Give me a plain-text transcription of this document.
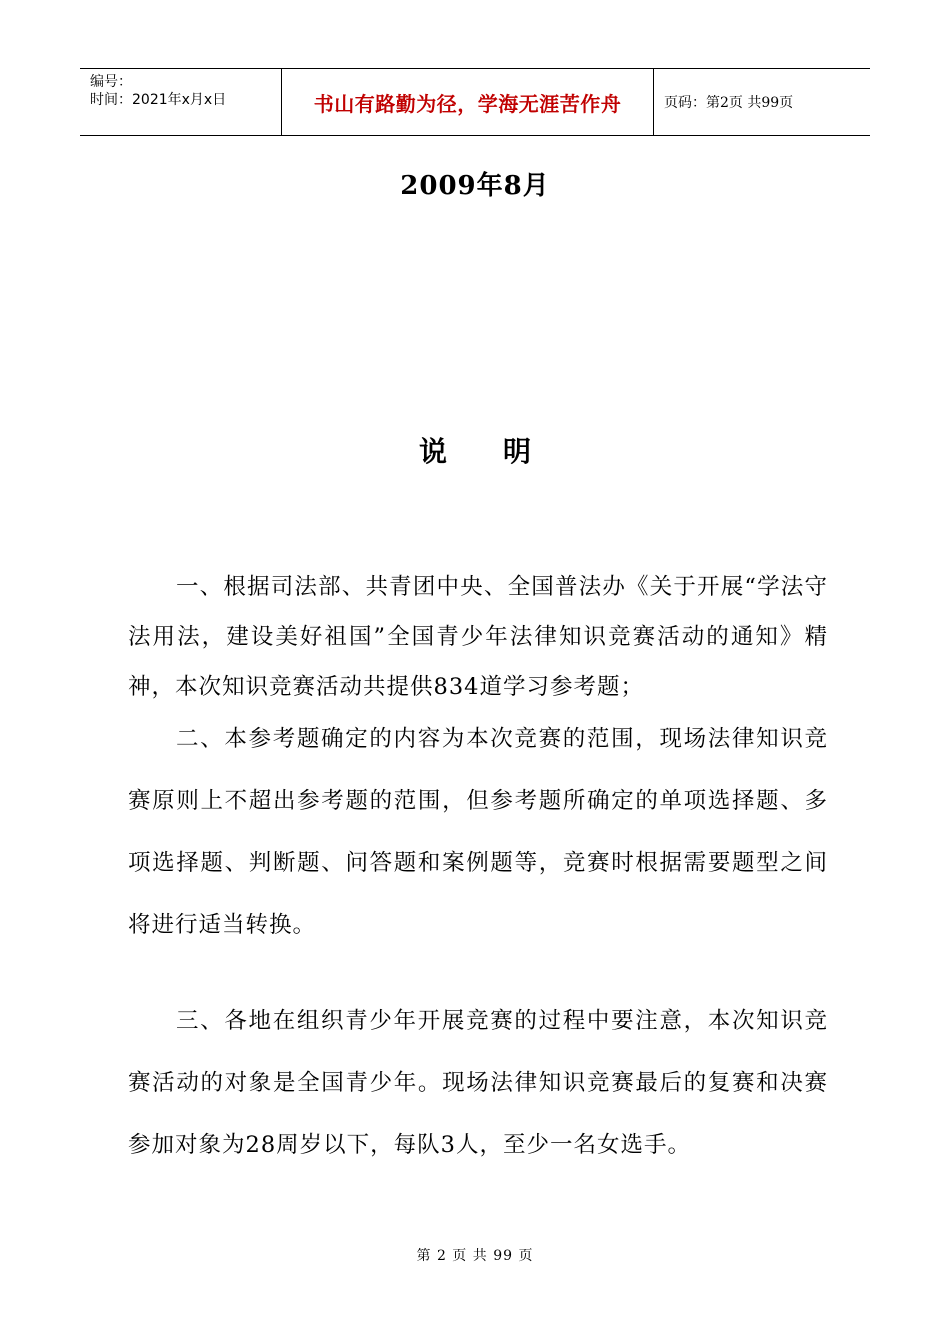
编号：
时间：2021年x月x日	书山有路勤为径，学海无涯苦作舟	页码：第2页 共99页
2009年8月
说明
一、根据司法部、共青团中央、全国普法办《关于开展“学法守法用法，建设美好祖国”全国青少年法律知识竞赛活动的通知》精神，本次知识竞赛活动共提供834道学习参考题；
二、本参考题确定的内容为本次竞赛的范围，现场法律知识竞赛原则上不超出参考题的范围，但参考题所确定的单项选择题、多项选择题、判断题、问答题和案例题等，竞赛时根据需要题型之间将进行适当转换。
三、各地在组织青少年开展竞赛的过程中要注意，本次知识竞赛活动的对象是全国青少年。现场法律知识竞赛最后的复赛和决赛参加对象为28周岁以下，每队3人，至少一名女选手。
第 2 页 共 99 页
